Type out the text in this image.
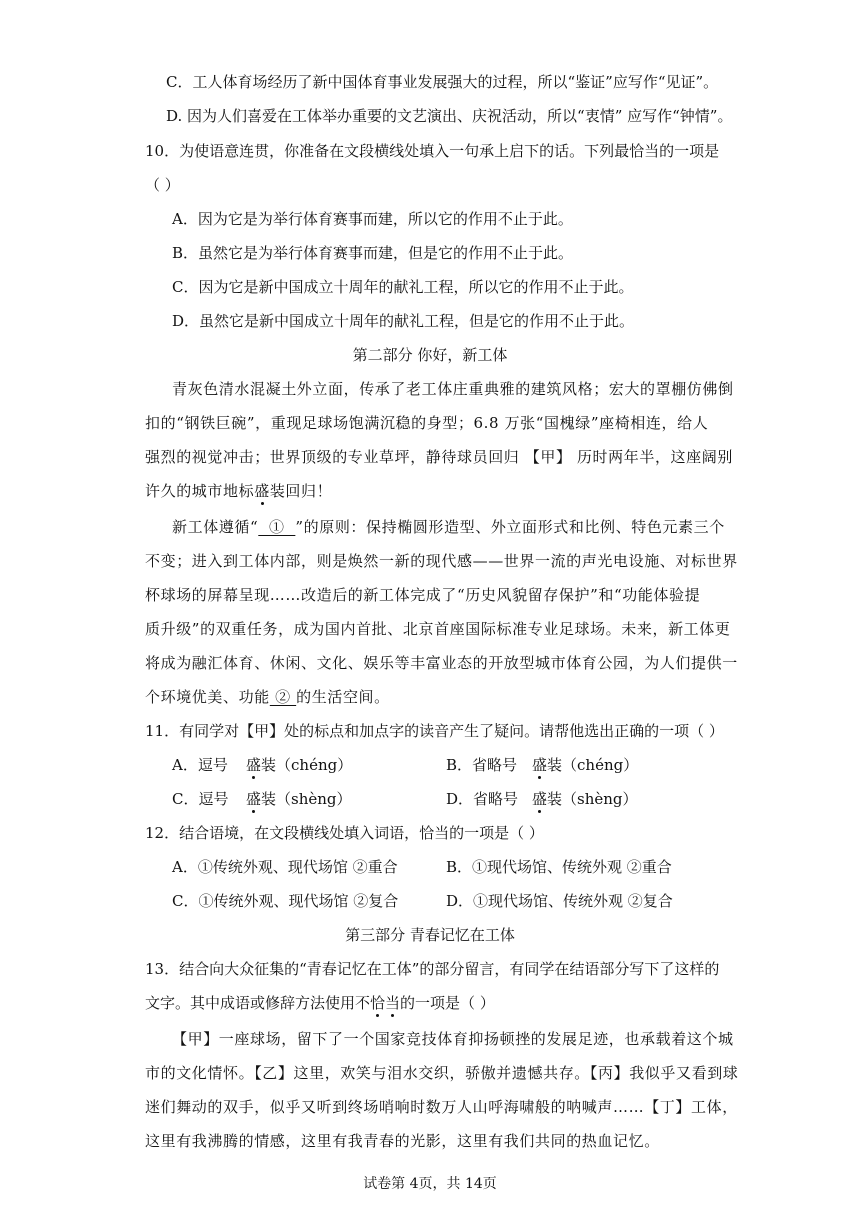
C．工人体育场经历了新中国体育事业发展强大的过程，所以“鉴证”应写作“见证”。
D. 因为人们喜爱在工体举办重要的文艺演出、庆祝活动，所以“衷情” 应写作“钟情”。
10．为使语意连贯，你准备在文段横线处填入一句承上启下的话。下列最恰当的一项是
（ ）
A．因为它是为举行体育赛事而建，所以它的作用不止于此。
B．虽然它是为举行体育赛事而建，但是它的作用不止于此。
C．因为它是新中国成立十周年的献礼工程，所以它的作用不止于此。
D．虽然它是新中国成立十周年的献礼工程，但是它的作用不止于此。
第二部分 你好，新工体
青灰色清水混凝土外立面，传承了老工体庄重典雅的建筑风格；宏大的罩棚仿佛倒
扣的“钢铁巨碗”，重现足球场饱满沉稳的身型；6.8 万张“国槐绿”座椅相连，给人
强烈的视觉冲击；世界顶级的专业草坪，静待球员回归 【甲】 历时两年半，这座阔别
许久的城市地标盛装回归！
新工体遵循“  ①  ”的原则：保持椭圆形造型、外立面形式和比例、特色元素三个
不变；进入到工体内部，则是焕然一新的现代感——世界一流的声光电设施、对标世界
杯球场的屏幕呈现……改造后的新工体完成了“历史风貌留存保护”和“功能体验提
质升级”的双重任务，成为国内首批、北京首座国际标准专业足球场。未来，新工体更
将成为融汇体育、休闲、文化、娱乐等丰富业态的开放型城市体育公园，为人们提供一
个环境优美、功能 ② 的生活空间。
11．有同学对【甲】处的标点和加点字的读音产生了疑问。请帮他选出正确的一项（ ）
A．逗号 盛装（chéng）	B．省略号 盛装（chéng）
C．逗号 盛装（shèng）	D．省略号 盛装（shèng）
12．结合语境，在文段横线处填入词语，恰当的一项是（ ）
A．①传统外观、现代场馆 ②重合	B．①现代场馆、传统外观 ②重合
C．①传统外观、现代场馆 ②复合	D．①现代场馆、传统外观 ②复合
第三部分 青春记忆在工体
13．结合向大众征集的“青春记忆在工体”的部分留言，有同学在结语部分写下了这样的
文字。其中成语或修辞方法使用不恰当的一项是（ ）
【甲】一座球场，留下了一个国家竞技体育抑扬顿挫的发展足迹，也承载着这个城
市的文化情怀。【乙】这里，欢笑与泪水交织，骄傲并遗憾共存。【丙】我似乎又看到球
迷们舞动的双手，似乎又听到终场哨响时数万人山呼海啸般的呐喊声……【丁】工体，
这里有我沸腾的情感，这里有我青春的光影，这里有我们共同的热血记忆。
试卷第 4页，共 14页
